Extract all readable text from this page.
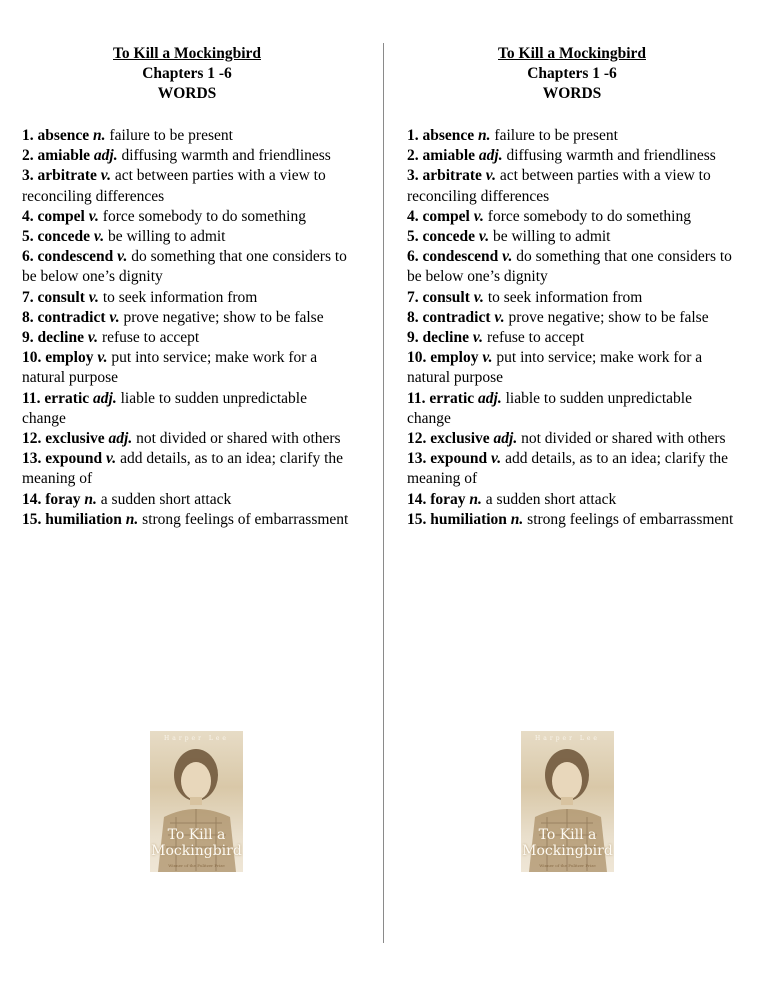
To Kill a Mockingbird
Chapters 1 -6
WORDS

1. absence n. failure to be present

2. amiable adj. diffusing warmth and friendliness

3. arbitrate v. act between parties with a view to reconciling differences

4. compel v. force somebody to do something

5. concede v. be willing to admit

6. condescend v. do something that one considers to be below one’s dignity

7. consult v. to seek information from

8. contradict v. prove negative; show to be false

9. decline v. refuse to accept

10. employ v. put into service; make work for a natural purpose

11. erratic adj. liable to sudden unpredictable change

12. exclusive adj. not divided or shared with others

13. expound v. add details, as to an idea; clarify the meaning of

14. foray n. a sudden short attack

15. humiliation n. strong feelings of embarrassment

To Kill a Mockingbird
Chapters 1 -6
WORDS

1. absence n. failure to be present

2. amiable adj. diffusing warmth and friendliness

3. arbitrate v. act between parties with a view to reconciling differences

4. compel v. force somebody to do something

5. concede v. be willing to admit

6. condescend v. do something that one considers to be below one’s dignity

7. consult v. to seek information from

8. contradict v. prove negative; show to be false

9. decline v. refuse to accept

10. employ v. put into service; make work for a natural purpose

11. erratic adj. liable to sudden unpredictable change

12. exclusive adj. not divided or shared with others

13. expound v. add details, as to an idea; clarify the meaning of

14. foray n. a sudden short attack

15. humiliation n. strong feelings of embarrassment

Harper Lee
To Kill a
Mockingbird
Winner of the Pulitzer Prize
Harper Lee
To Kill a
Mockingbird
Winner of the Pulitzer Prize
